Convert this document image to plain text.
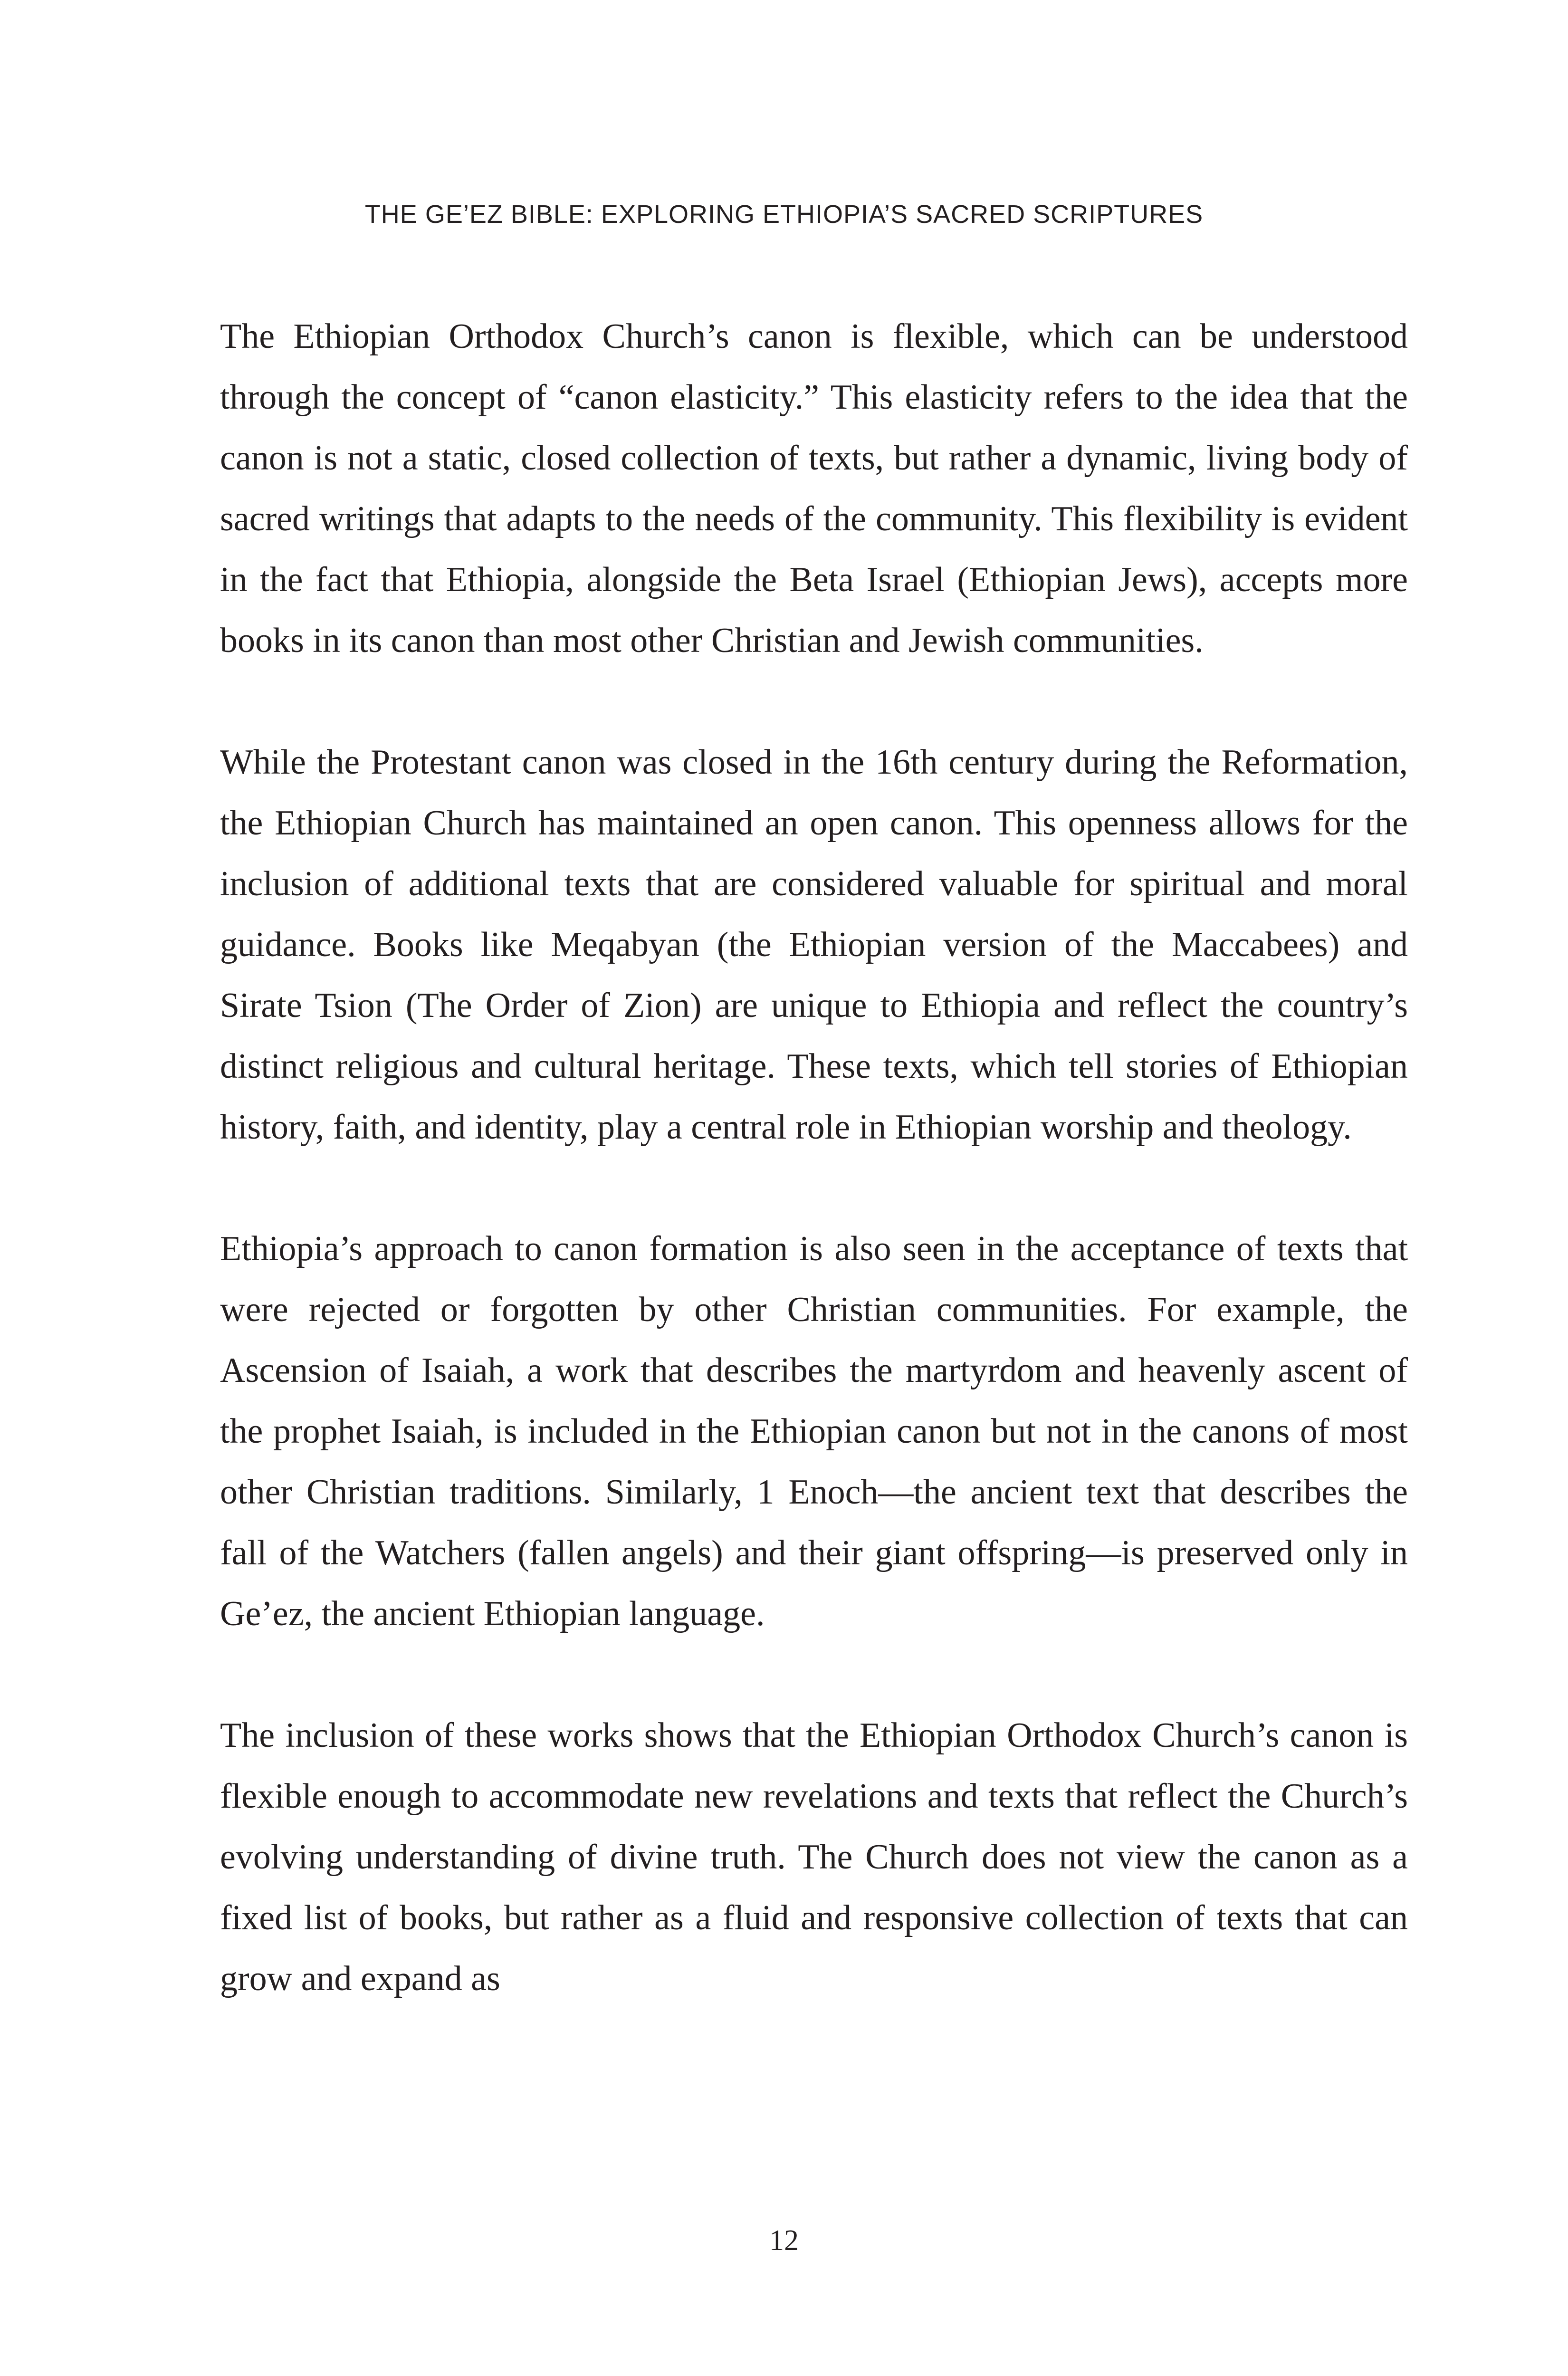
THE GE’EZ BIBLE: EXPLORING ETHIOPIA’S SACRED SCRIPTURES

The Ethiopian Orthodox Church’s canon is flexible, which can be understood through the concept of “canon elasticity.” This elasticity refers to the idea that the canon is not a static, closed collection of texts, but rather a dynamic, living body of sacred writings that adapts to the needs of the community. This flexibility is evident in the fact that Ethiopia, alongside the Beta Israel (Ethiopian Jews), accepts more books in its canon than most other Christian and Jewish communities.

While the Protestant canon was closed in the 16th century during the Reformation, the Ethiopian Church has maintained an open canon. This openness allows for the inclusion of additional texts that are considered valuable for spiritual and moral guidance. Books like Meqabyan (the Ethiopian version of the Maccabees) and Sirate Tsion (The Order of Zion) are unique to Ethiopia and reflect the country’s distinct religious and cultural heritage. These texts, which tell stories of Ethiopian history, faith, and identity, play a central role in Ethiopian worship and theology.

Ethiopia’s approach to canon formation is also seen in the acceptance of texts that were rejected or forgotten by other Christian communities. For example, the Ascension of Isaiah, a work that describes the martyrdom and heavenly ascent of the prophet Isaiah, is included in the Ethiopian canon but not in the canons of most other Christian traditions. Similarly, 1 Enoch—the ancient text that describes the fall of the Watchers (fallen angels) and their giant offspring—is preserved only in Ge’ez, the ancient Ethiopian language.

The inclusion of these works shows that the Ethiopian Orthodox Church’s canon is flexible enough to accommodate new revelations and texts that reflect the Church’s evolving understanding of divine truth. The Church does not view the canon as a fixed list of books, but rather as a fluid and responsive collection of texts that can grow and expand as

12
